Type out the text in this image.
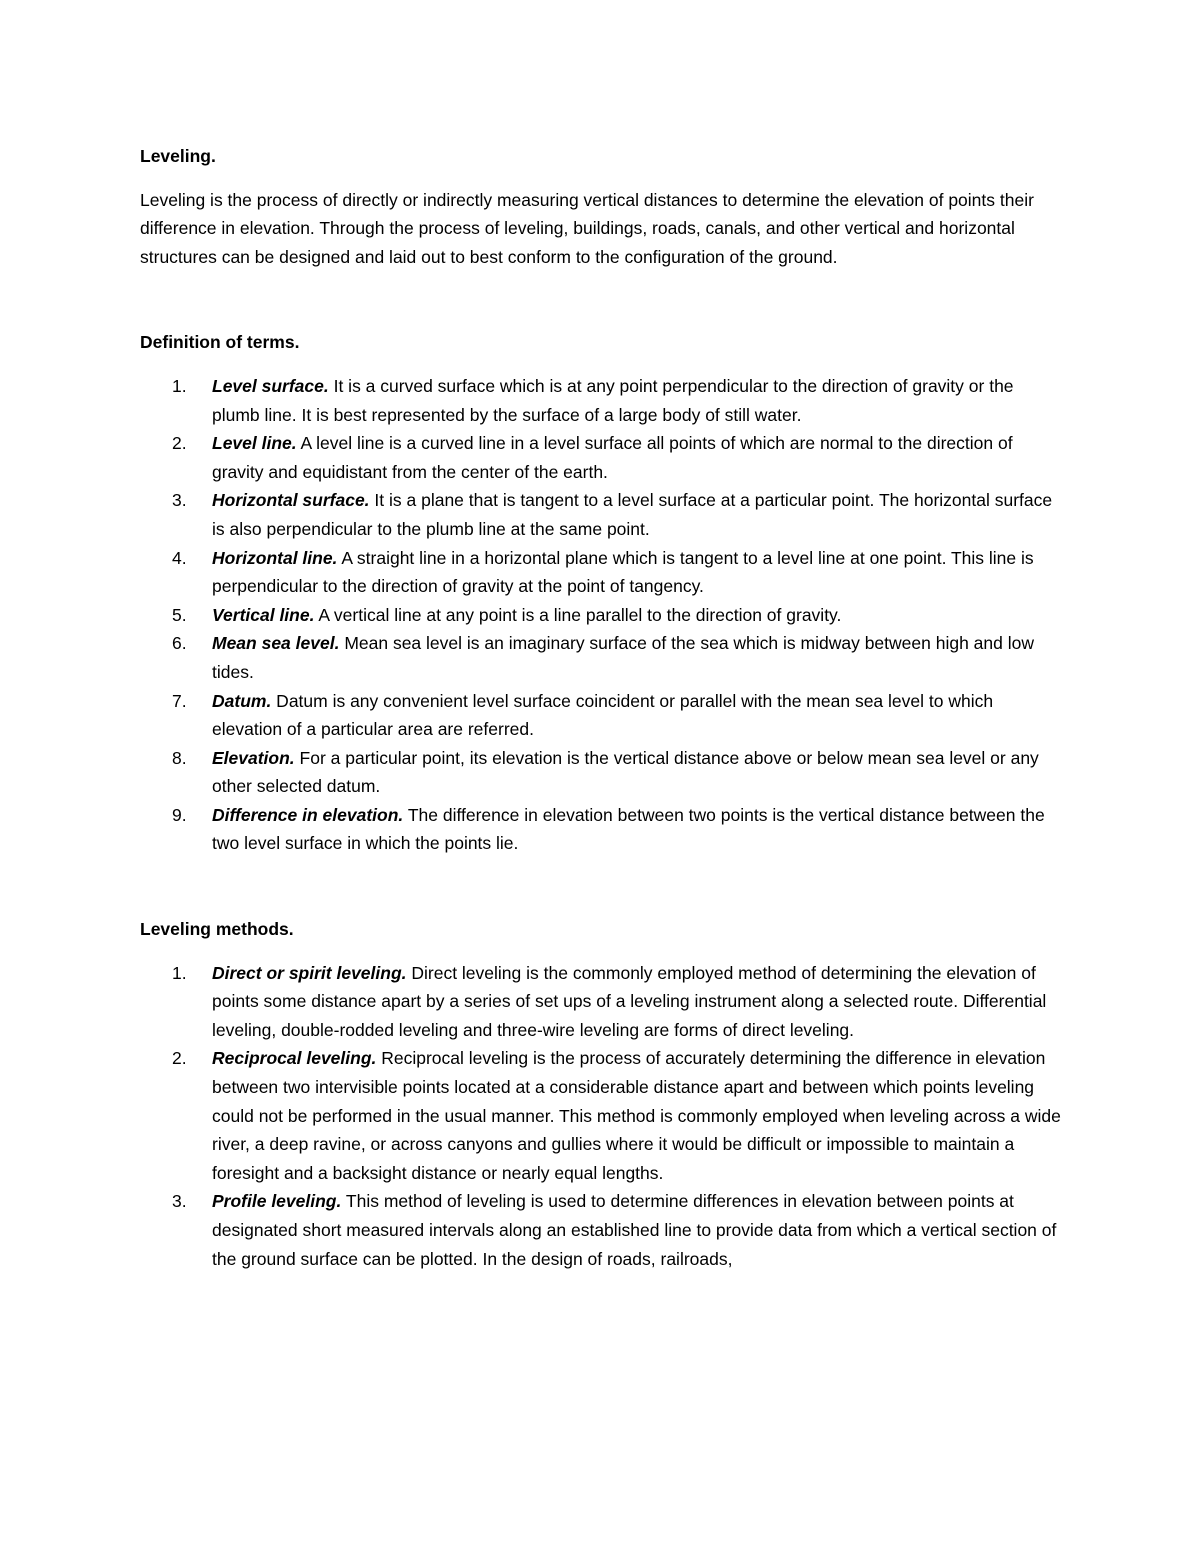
Leveling.

Leveling is the process of directly or indirectly measuring vertical distances to determine the elevation of points their difference in elevation. Through the process of leveling, buildings, roads, canals, and other vertical and horizontal structures can be designed and laid out to best conform to the configuration of the ground.

Definition of terms.

1. Level surface. It is a curved surface which is at any point perpendicular to the direction of gravity or the plumb line. It is best represented by the surface of a large body of still water.
2. Level line. A level line is a curved line in a level surface all points of which are normal to the direction of gravity and equidistant from the center of the earth.
3. Horizontal surface. It is a plane that is tangent to a level surface at a particular point. The horizontal surface is also perpendicular to the plumb line at the same point.
4. Horizontal line. A straight line in a horizontal plane which is tangent to a level line at one point. This line is perpendicular to the direction of gravity at the point of tangency.
5. Vertical line. A vertical line at any point is a line parallel to the direction of gravity.
6. Mean sea level. Mean sea level is an imaginary surface of the sea which is midway between high and low tides.
7. Datum. Datum is any convenient level surface coincident or parallel with the mean sea level to which elevation of a particular area are referred.
8. Elevation. For a particular point, its elevation is the vertical distance above or below mean sea level or any other selected datum.
9. Difference in elevation. The difference in elevation between two points is the vertical distance between the two level surface in which the points lie.

Leveling methods.

1. Direct or spirit leveling. Direct leveling is the commonly employed method of determining the elevation of points some distance apart by a series of set ups of a leveling instrument along a selected route. Differential leveling, double-rodded leveling and three-wire leveling are forms of direct leveling.
2. Reciprocal leveling. Reciprocal leveling is the process of accurately determining the difference in elevation between two intervisible points located at a considerable distance apart and between which points leveling could not be performed in the usual manner. This method is commonly employed when leveling across a wide river, a deep ravine, or across canyons and gullies where it would be difficult or impossible to maintain a foresight and a backsight distance or nearly equal lengths.
3. Profile leveling. This method of leveling is used to determine differences in elevation between points at designated short measured intervals along an established line to provide data from which a vertical section of the ground surface can be plotted. In the design of roads, railroads,
